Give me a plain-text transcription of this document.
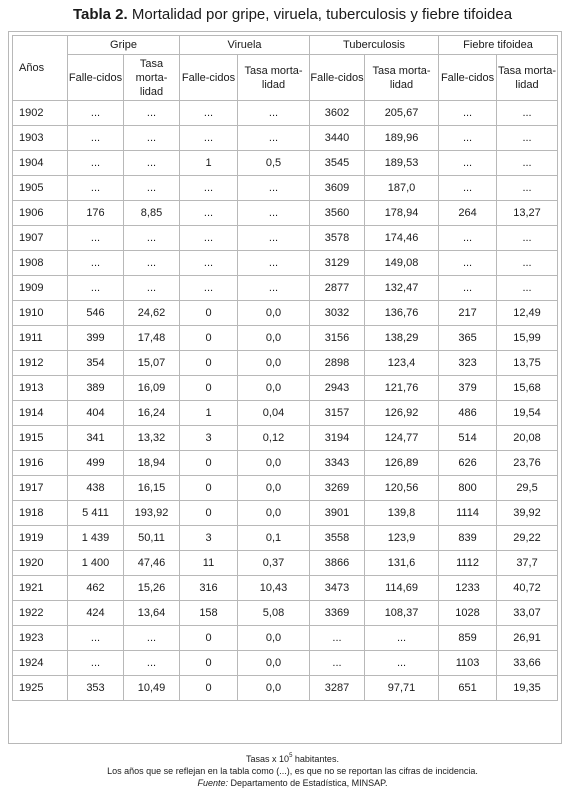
Tabla 2. Mortalidad por gripe, viruela, tuberculosis y fiebre tifoidea
Años	Gripe		Viruela		Tuberculosis		Fiebre tifoidea	
	Falle-cidos	Tasa morta-lidad	Falle-cidos	Tasa morta-lidad	Falle-cidos	Tasa morta-lidad	Falle-cidos	Tasa morta-lidad
1902	...	...	...	...	3602	205,67	...	...
1903	...	...	...	...	3440	189,96	...	...
1904	...	...	1	0,5	3545	189,53	...	...
1905	...	...	...	...	3609	187,0	...	...
1906	176	8,85	...	...	3560	178,94	264	13,27
1907	...	...	...	...	3578	174,46	...	...
1908	...	...	...	...	3129	149,08	...	...
1909	...	...	...	...	2877	132,47	...	...
1910	546	24,62	0	0,0	3032	136,76	217	12,49
1911	399	17,48	0	0,0	3156	138,29	365	15,99
1912	354	15,07	0	0,0	2898	123,4	323	13,75
1913	389	16,09	0	0,0	2943	121,76	379	15,68
1914	404	16,24	1	0,04	3157	126,92	486	19,54
1915	341	13,32	3	0,12	3194	124,77	514	20,08
1916	499	18,94	0	0,0	3343	126,89	626	23,76
1917	438	16,15	0	0,0	3269	120,56	800	29,5
1918	5 411	193,92	0	0,0	3901	139,8	1114	39,92
1919	1 439	50,11	3	0,1	3558	123,9	839	29,22
1920	1 400	47,46	11	0,37	3866	131,6	1112	37,7
1921	462	15,26	316	10,43	3473	114,69	1233	40,72
1922	424	13,64	158	5,08	3369	108,37	1028	33,07
1923	...	...	0	0,0	...	...	859	26,91
1924	...	...	0	0,0	...	...	1103	33,66
1925	353	10,49	0	0,0	3287	97,71	651	19,35
Tasas x $10^5$ habitantes.
Los años que se reflejan en la tabla como (...), es que no se reportan las cifras de incidencia.
Fuente: Departamento de Estadística, MINSAP.
